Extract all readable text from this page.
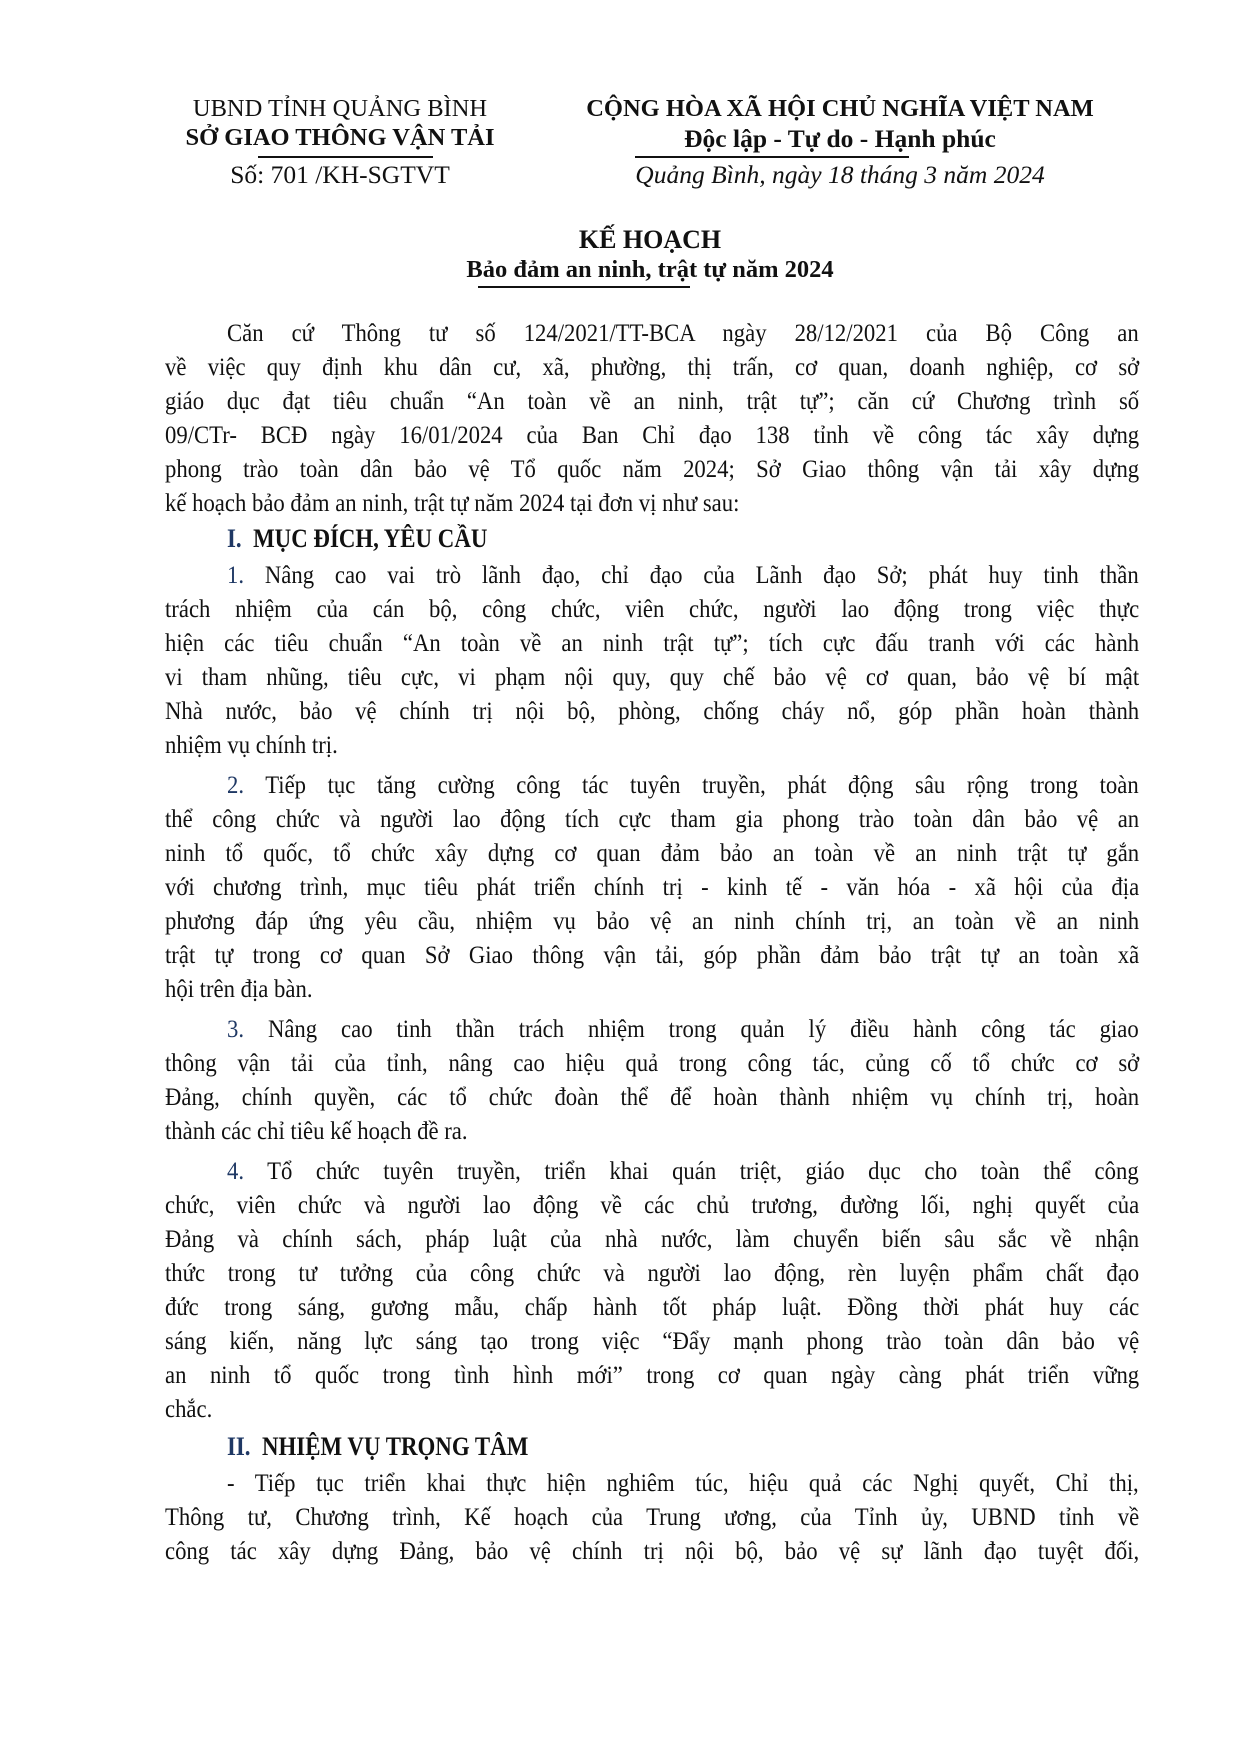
UBND TỈNH QUẢNG BÌNH
SỞ GIAO THÔNG VẬN TẢI
Số: 701 /KH-SGTVT
CỘNG HÒA XÃ HỘI CHỦ NGHĨA VIỆT NAM
Độc lập - Tự do - Hạnh phúc
Quảng Bình, ngày 18 tháng 3 năm 2024
KẾ HOẠCH
Bảo đảm an ninh, trật tự năm 2024
Căn cứ Thông tư số 124/2021/TT-BCA ngày 28/12/2021 của Bộ Công an
về việc quy định khu dân cư, xã, phường, thị trấn, cơ quan, doanh nghiệp, cơ sở
giáo dục đạt tiêu chuẩn “An toàn về an ninh, trật tự”; căn cứ Chương trình số
09/CTr- BCĐ ngày 16/01/2024 của Ban Chỉ đạo 138 tỉnh về công tác xây dựng
phong trào toàn dân bảo vệ Tổ quốc năm 2024; Sở Giao thông vận tải xây dựng
kế hoạch bảo đảm an ninh, trật tự năm 2024 tại đơn vị như sau:
I. MỤC ĐÍCH, YÊU CẦU
1. Nâng cao vai trò lãnh đạo, chỉ đạo của Lãnh đạo Sở; phát huy tinh thần
trách nhiệm của cán bộ, công chức, viên chức, người lao động trong việc thực
hiện các tiêu chuẩn “An toàn về an ninh trật tự”; tích cực đấu tranh với các hành
vi tham nhũng, tiêu cực, vi phạm nội quy, quy chế bảo vệ cơ quan, bảo vệ bí mật
Nhà nước, bảo vệ chính trị nội bộ, phòng, chống cháy nổ, góp phần hoàn thành
nhiệm vụ chính trị.
2. Tiếp tục tăng cường công tác tuyên truyền, phát động sâu rộng trong toàn
thể công chức và người lao động tích cực tham gia phong trào toàn dân bảo vệ an
ninh tổ quốc, tổ chức xây dựng cơ quan đảm bảo an toàn về an ninh trật tự gắn
với chương trình, mục tiêu phát triển chính trị - kinh tế - văn hóa - xã hội của địa
phương đáp ứng yêu cầu, nhiệm vụ bảo vệ an ninh chính trị, an toàn về an ninh
trật tự trong cơ quan Sở Giao thông vận tải, góp phần đảm bảo trật tự an toàn xã
hội trên địa bàn.
3. Nâng cao tinh thần trách nhiệm trong quản lý điều hành công tác giao
thông vận tải của tỉnh, nâng cao hiệu quả trong công tác, củng cố tổ chức cơ sở
Đảng, chính quyền, các tổ chức đoàn thể để hoàn thành nhiệm vụ chính trị, hoàn
thành các chỉ tiêu kế hoạch đề ra.
4. Tổ chức tuyên truyền, triển khai quán triệt, giáo dục cho toàn thể công
chức, viên chức và người lao động về các chủ trương, đường lối, nghị quyết của
Đảng và chính sách, pháp luật của nhà nước, làm chuyển biến sâu sắc về nhận
thức trong tư tưởng của công chức và người lao động, rèn luyện phẩm chất đạo
đức trong sáng, gương mẫu, chấp hành tốt pháp luật. Đồng thời phát huy các
sáng kiến, năng lực sáng tạo trong việc “Đẩy mạnh phong trào toàn dân bảo vệ
an ninh tổ quốc trong tình hình mới” trong cơ quan ngày càng phát triển vững
chắc.
II. NHIỆM VỤ TRỌNG TÂM
- Tiếp tục triển khai thực hiện nghiêm túc, hiệu quả các Nghị quyết, Chỉ thị,
Thông tư, Chương trình, Kế hoạch của Trung ương, của Tỉnh ủy, UBND tỉnh về
công tác xây dựng Đảng, bảo vệ chính trị nội bộ, bảo vệ sự lãnh đạo tuyệt đối,
